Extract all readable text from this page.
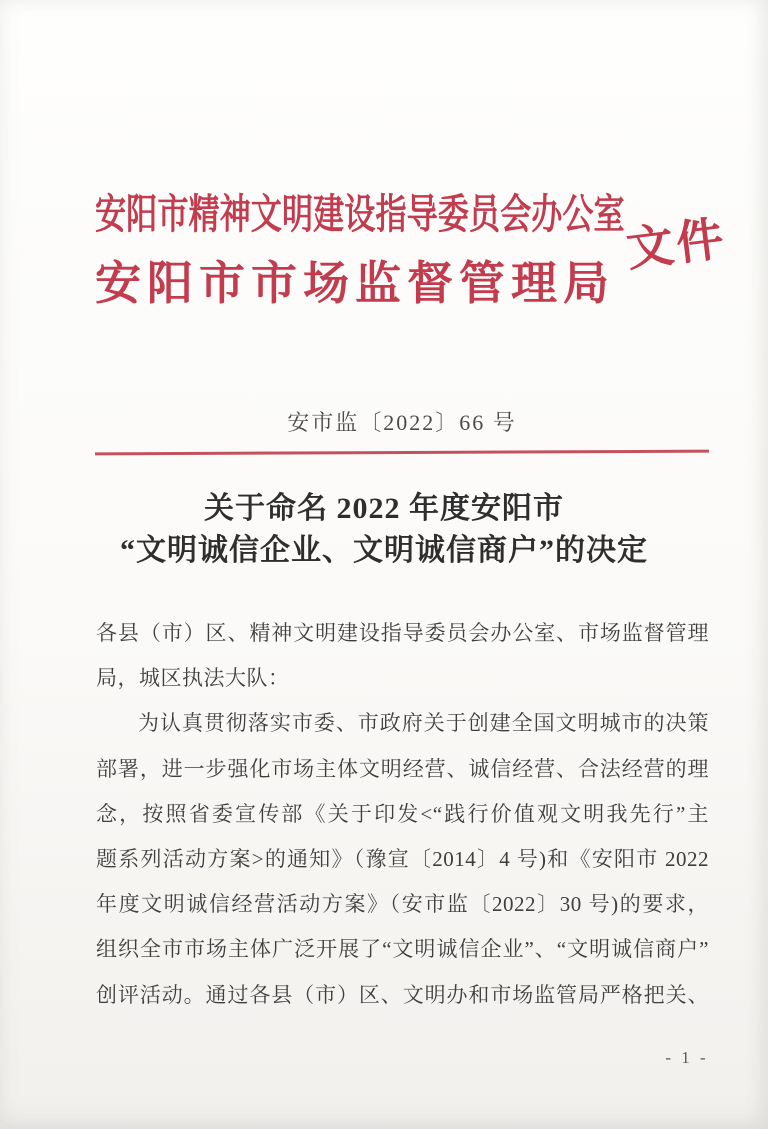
安阳市精神文明建设指导委员会办公室
安阳市市场监督管理局
文件
安市监〔2022〕66 号
关于命名 2022 年度安阳市
“文明诚信企业、文明诚信商户”的决定
各县（市）区、精神文明建设指导委员会办公室、市场监督管理
局，城区执法大队：
为认真贯彻落实市委、市政府关于创建全国文明城市的决策
部署，进一步强化市场主体文明经营、诚信经营、合法经营的理
念，按照省委宣传部《关于印发<“践行价值观文明我先行”主
题系列活动方案>的通知》（豫宣〔2014〕4 号)和《安阳市 2022
年度文明诚信经营活动方案》（安市监〔2022〕30 号)的要求，
组织全市市场主体广泛开展了“文明诚信企业”、“文明诚信商户”
创评活动。通过各县（市）区、文明办和市场监管局严格把关、
- 1 -
